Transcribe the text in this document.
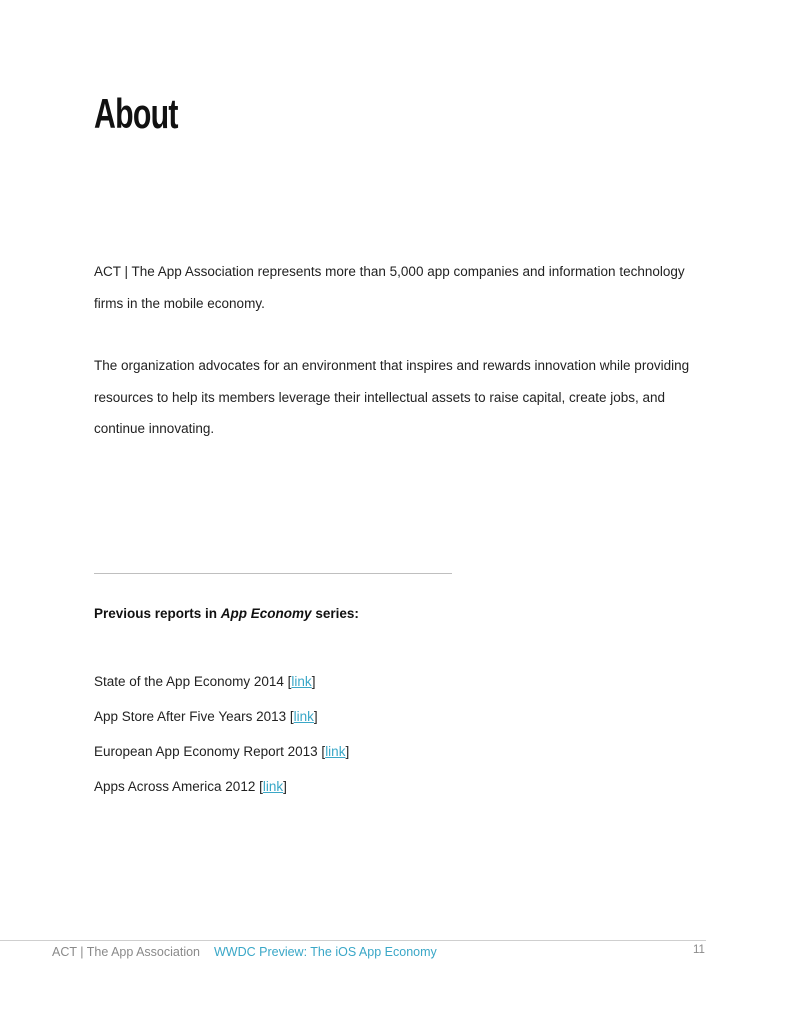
About

ACT | The App Association represents more than 5,000 app companies and information technology firms in the mobile economy.

The organization advocates for an environment that inspires and rewards innovation while providing resources to help its members leverage their intellectual assets to raise capital, create jobs, and continue innovating.

Previous reports in App Economy series:

State of the App Economy 2014 [link]
App Store After Five Years 2013 [link]
European App Economy Report 2013 [link]
Apps Across America 2012 [link]
ACT | The App Association WWDC Preview: The iOS App Economy	11
